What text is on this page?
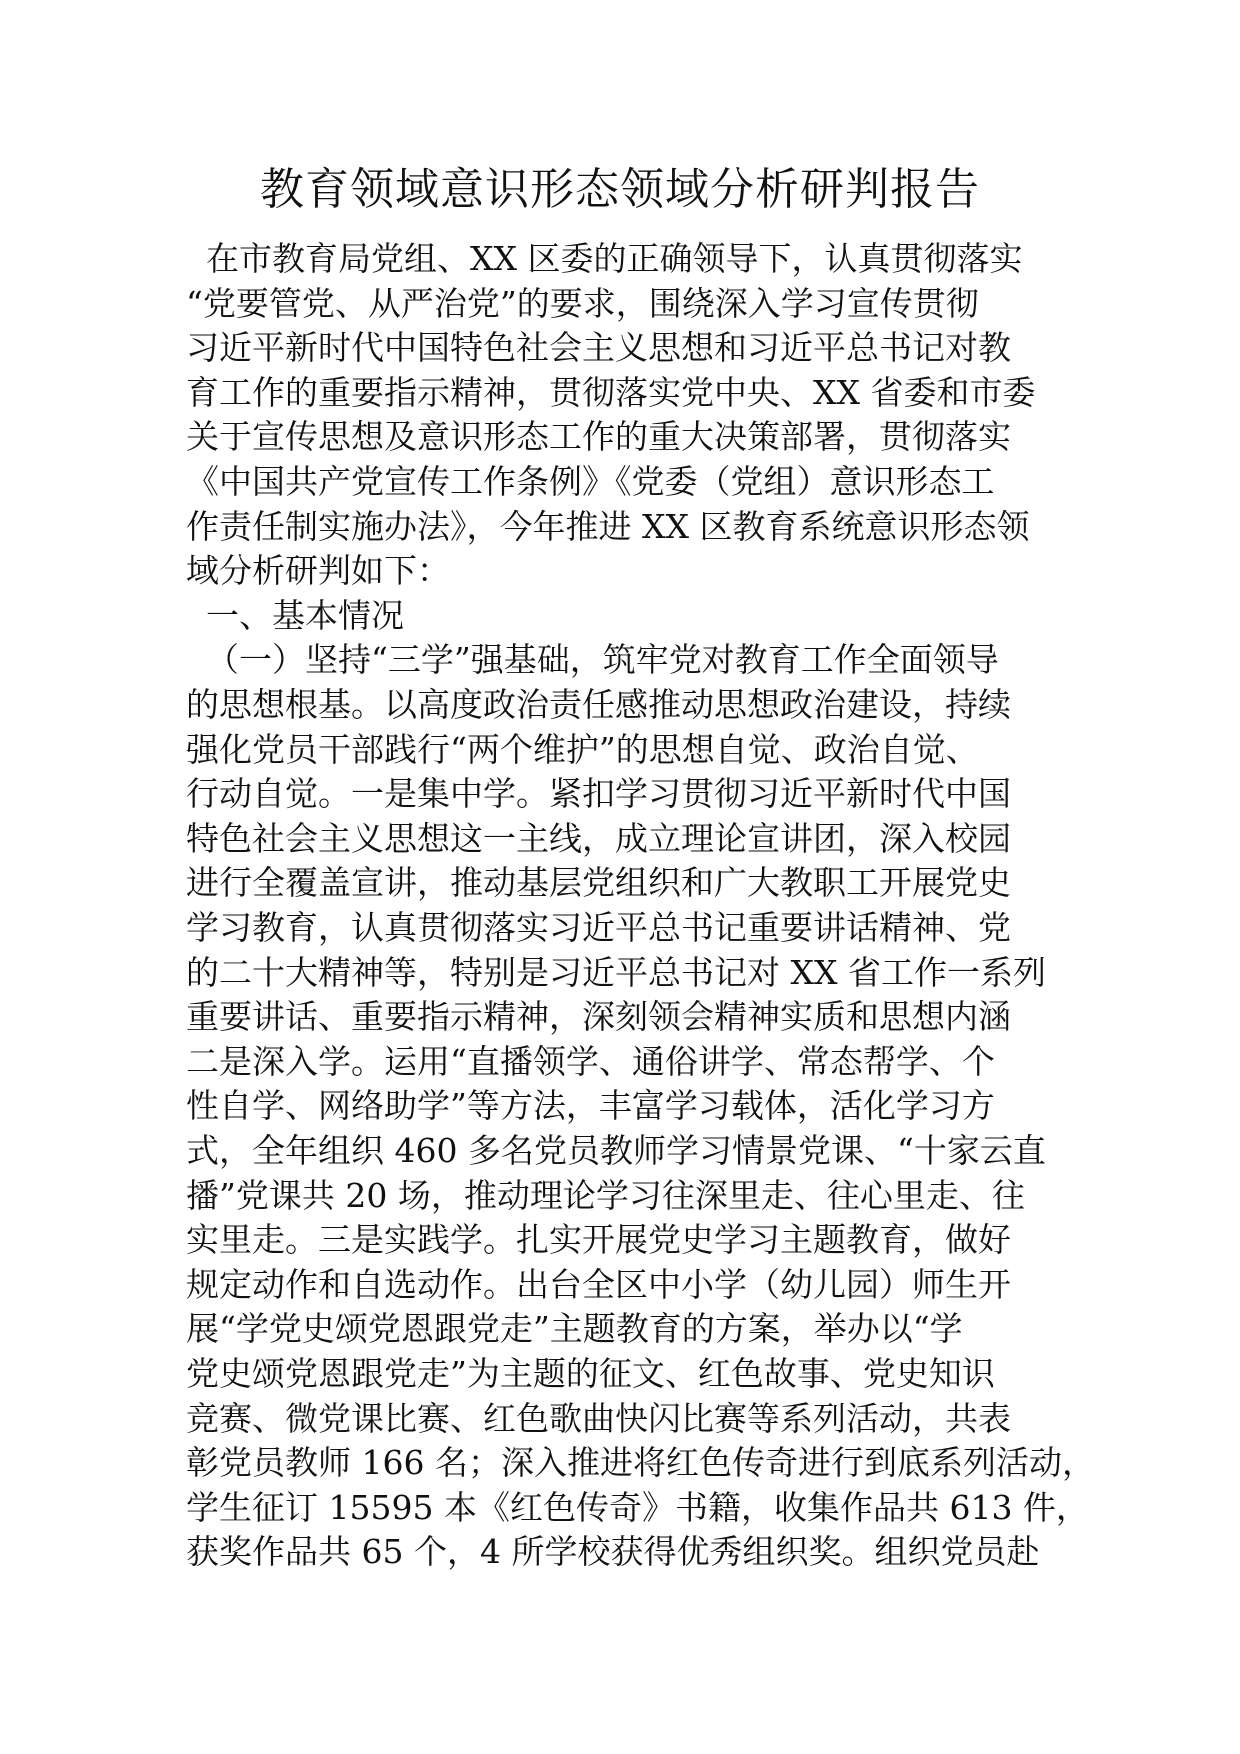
教育领域意识形态领域分析研判报告
在市教育局党组、XX 区委的正确领导下，认真贯彻落实
“党要管党、从严治党”的要求，围绕深入学习宣传贯彻
习近平新时代中国特色社会主义思想和习近平总书记对教
育工作的重要指示精神，贯彻落实党中央、XX 省委和市委
关于宣传思想及意识形态工作的重大决策部署，贯彻落实
《中国共产党宣传工作条例》《党委（党组）意识形态工
作责任制实施办法》，今年推进 XX 区教育系统意识形态领
域分析研判如下：
一、基本情况
（一）坚持“三学”强基础，筑牢党对教育工作全面领导
的思想根基。以高度政治责任感推动思想政治建设，持续
强化党员干部践行“两个维护”的思想自觉、政治自觉、
行动自觉。一是集中学。紧扣学习贯彻习近平新时代中国
特色社会主义思想这一主线，成立理论宣讲团，深入校园
进行全覆盖宣讲，推动基层党组织和广大教职工开展党史
学习教育，认真贯彻落实习近平总书记重要讲话精神、党
的二十大精神等，特别是习近平总书记对 XX 省工作一系列
重要讲话、重要指示精神，深刻领会精神实质和思想内涵
二是深入学。运用“直播领学、通俗讲学、常态帮学、个
性自学、网络助学”等方法，丰富学习载体，活化学习方
式，全年组织 460 多名党员教师学习情景党课、“十家云直
播”党课共 20 场，推动理论学习往深里走、往心里走、往
实里走。三是实践学。扎实开展党史学习主题教育，做好
规定动作和自选动作。出台全区中小学（幼儿园）师生开
展“学党史颂党恩跟党走”主题教育的方案，举办以“学
党史颂党恩跟党走”为主题的征文、红色故事、党史知识
竞赛、微党课比赛、红色歌曲快闪比赛等系列活动，共表
彰党员教师 166 名；深入推进将红色传奇进行到底系列活动，
学生征订 15595 本《红色传奇》书籍，收集作品共 613 件，
获奖作品共 65 个，4 所学校获得优秀组织奖。组织党员赴
